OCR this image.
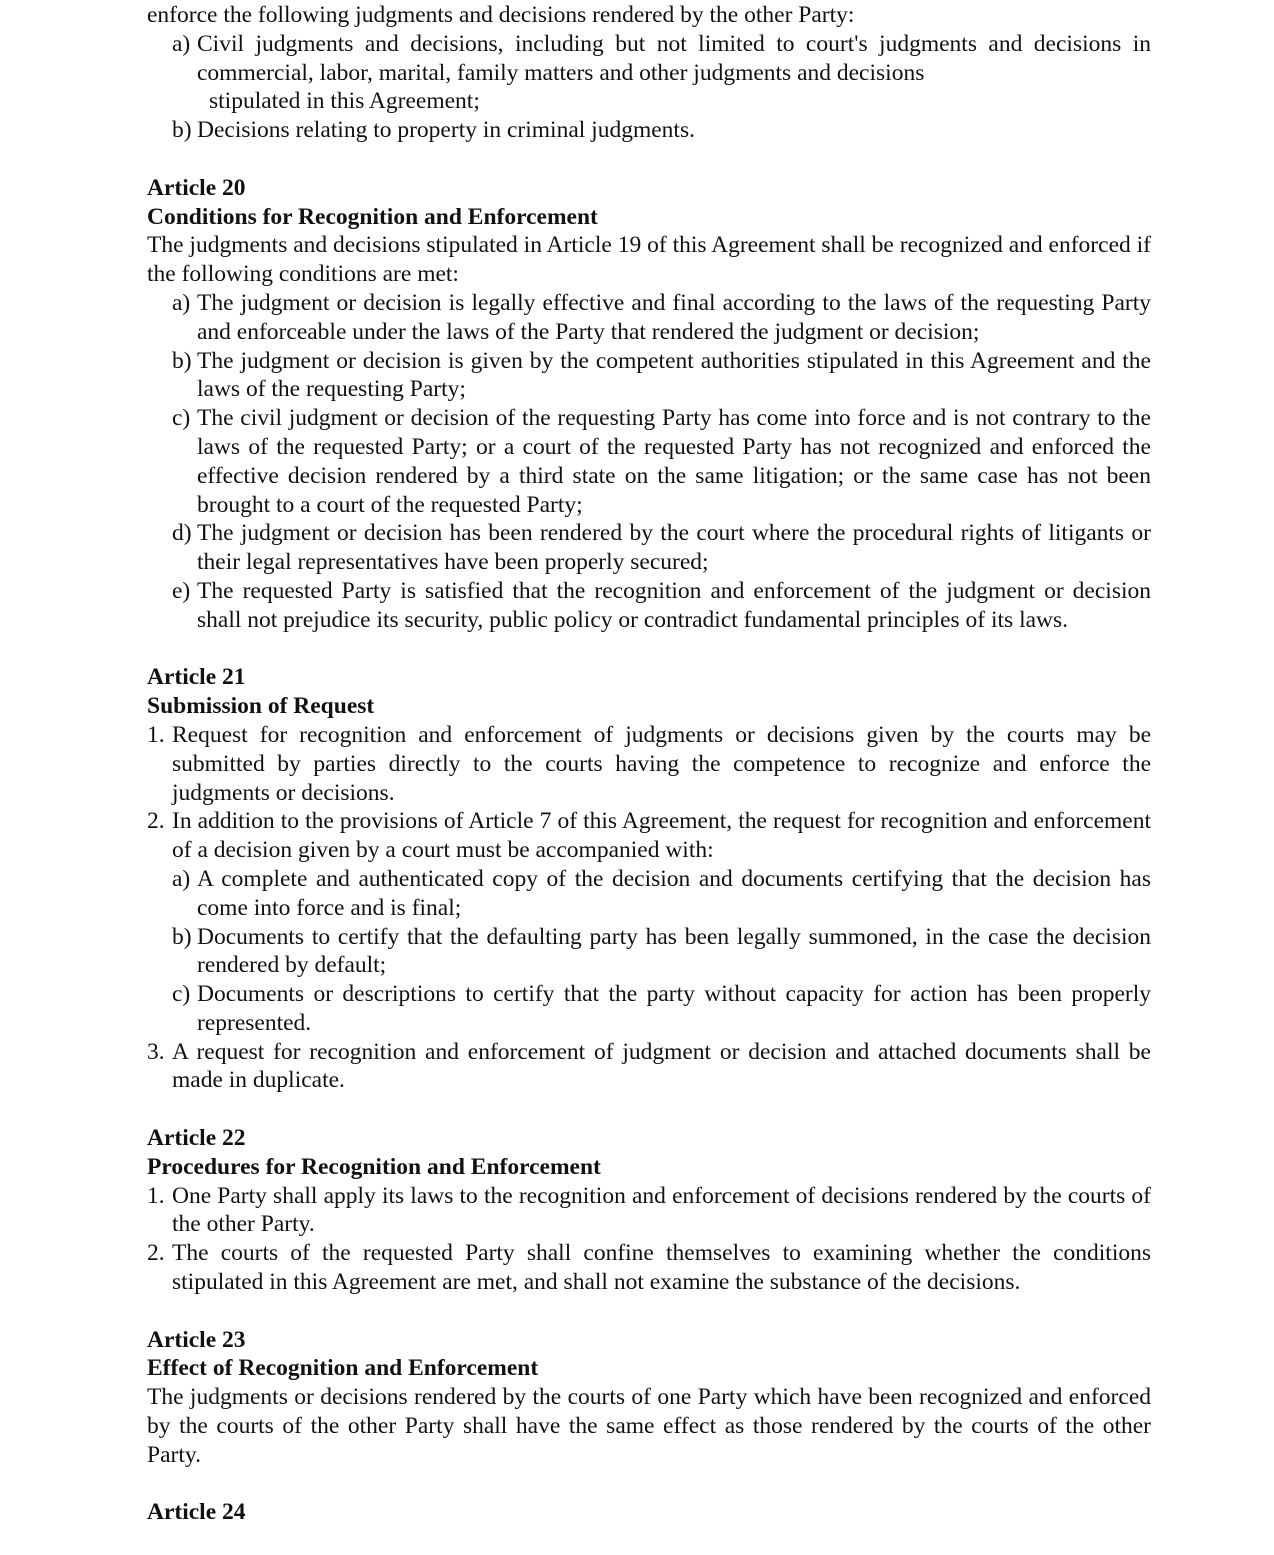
enforce the following judgments and decisions rendered by the other Party:

a) Civil judgments and decisions, including but not limited to court's judgments and decisions in commercial, labor, marital, family matters and other judgments and decisions
stipulated in this Agreement;
b) Decisions relating to property in criminal judgments.

Article 20

Conditions for Recognition and Enforcement

The judgments and decisions stipulated in Article 19 of this Agreement shall be recognized and enforced if the following conditions are met:

a) The judgment or decision is legally effective and final according to the laws of the requesting Party and enforceable under the laws of the Party that rendered the judgment or decision;
b) The judgment or decision is given by the competent authorities stipulated in this Agreement and the laws of the requesting Party;
c) The civil judgment or decision of the requesting Party has come into force and is not contrary to the laws of the requested Party; or a court of the requested Party has not recognized and enforced the effective decision rendered by a third state on the same litigation; or the same case has not been brought to a court of the requested Party;
d) The judgment or decision has been rendered by the court where the procedural rights of litigants or their legal representatives have been properly secured;
e) The requested Party is satisfied that the recognition and enforcement of the judgment or decision shall not prejudice its security, public policy or contradict fundamental principles of its laws.

Article 21

Submission of Request

1. Request for recognition and enforcement of judgments or decisions given by the courts may be submitted by parties directly to the courts having the competence to recognize and enforce the judgments or decisions.
2. In addition to the provisions of Article 7 of this Agreement, the request for recognition and enforcement of a decision given by a court must be accompanied with:
a) A complete and authenticated copy of the decision and documents certifying that the decision has come into force and is final;
b) Documents to certify that the defaulting party has been legally summoned, in the case the decision rendered by default;
c) Documents or descriptions to certify that the party without capacity for action has been properly represented.
3. A request for recognition and enforcement of judgment or decision and attached documents shall be made in duplicate.

Article 22

Procedures for Recognition and Enforcement

1. One Party shall apply its laws to the recognition and enforcement of decisions rendered by the courts of the other Party.
2. The courts of the requested Party shall confine themselves to examining whether the conditions stipulated in this Agreement are met, and shall not examine the substance of the decisions.

Article 23

Effect of Recognition and Enforcement

The judgments or decisions rendered by the courts of one Party which have been recognized and enforced by the courts of the other Party shall have the same effect as those rendered by the courts of the other Party.

Article 24
